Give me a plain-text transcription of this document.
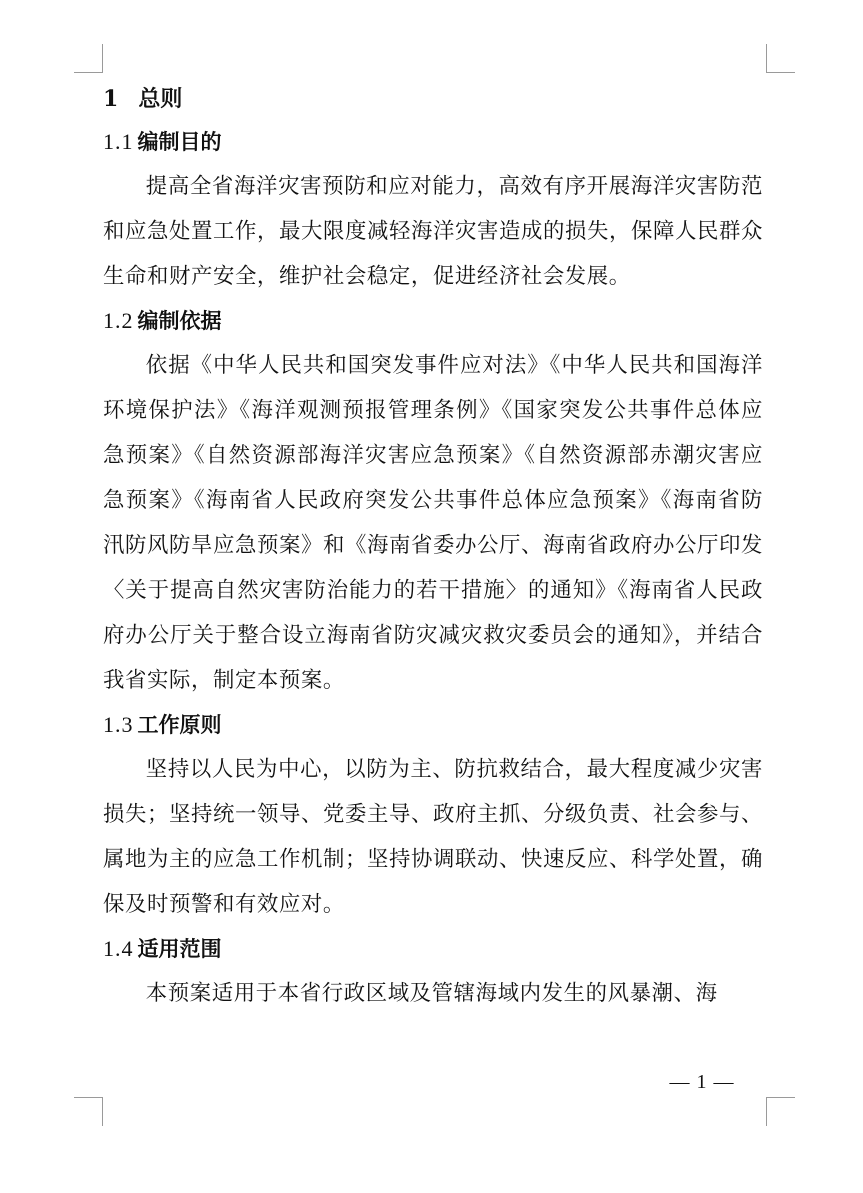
1 总则
1.1 编制目的

提高全省海洋灾害预防和应对能力，高效有序开展海洋灾害防范和应急处置工作，最大限度减轻海洋灾害造成的损失，保障人民群众生命和财产安全，维护社会稳定，促进经济社会发展。

1.2 编制依据

依据《中华人民共和国突发事件应对法》《中华人民共和国海洋环境保护法》《海洋观测预报管理条例》《国家突发公共事件总体应急预案》《自然资源部海洋灾害应急预案》《自然资源部赤潮灾害应急预案》《海南省人民政府突发公共事件总体应急预案》《海南省防汛防风防旱应急预案》和《海南省委办公厅、海南省政府办公厅印发〈关于提高自然灾害防治能力的若干措施〉的通知》《海南省人民政府办公厅关于整合设立海南省防灾减灾救灾委员会的通知》，并结合我省实际，制定本预案。

1.3 工作原则

坚持以人民为中心，以防为主、防抗救结合，最大程度减少灾害损失；坚持统一领导、党委主导、政府主抓、分级负责、社会参与、属地为主的应急工作机制；坚持协调联动、快速反应、科学处置，确保及时预警和有效应对。

1.4 适用范围

本预案适用于本省行政区域及管辖海域内发生的风暴潮、海

— 1 —
